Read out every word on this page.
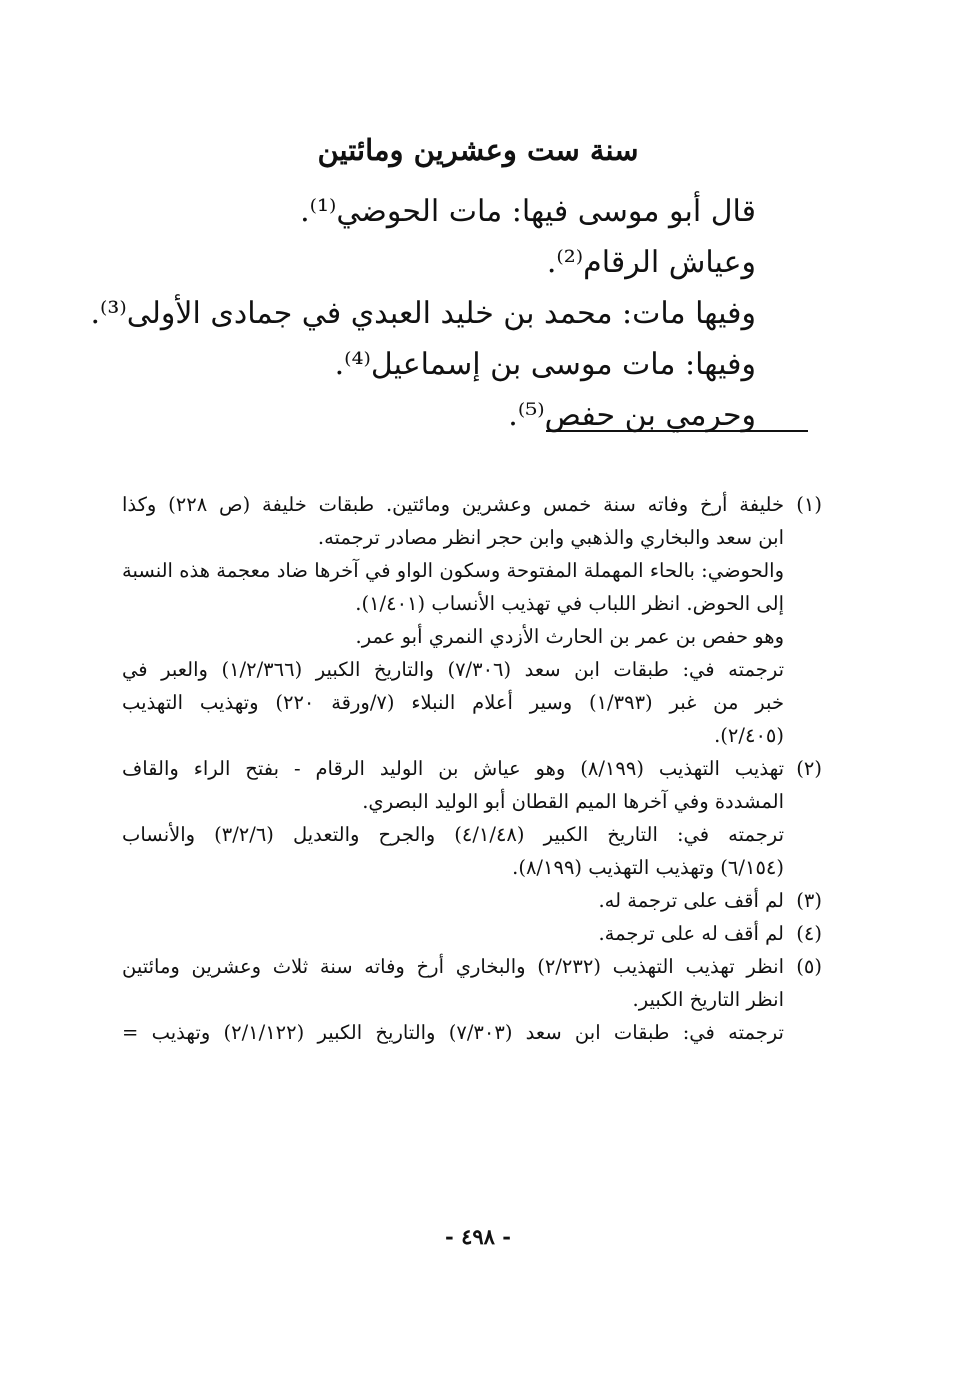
سنة ست وعشرين ومائتين
قال أبو موسى فيها: مات الحوضي⁽¹⁾.
وعياش الرقام⁽²⁾.
وفيها مات: محمد بن خليد العبدي في جمادى الأولى⁽³⁾.
وفيها: مات موسى بن إسماعيل⁽⁴⁾.
وحرمي بن حفص⁽⁵⁾.
(١)خليفة أرخ وفاته سنة خمس وعشرين ومائتين. طبقات خليفة (ص ٢٢٨) وكذا
ابن سعد والبخاري والذهبي وابن حجر انظر مصادر ترجمته.
والحوضي: بالحاء المهملة المفتوحة وسكون الواو في آخرها ضاد معجمة هذه النسبة
إلى الحوض. انظر اللباب في تهذيب الأنساب (١/٤٠١).
وهو حفص بن عمر بن الحارث الأزدي النمري أبو عمر.
ترجمته في: طبقات ابن سعد (٧/٣٠٦) والتاريخ الكبير (١/٢/٣٦٦) والعبر في
خبر من غبر (١/٣٩٣) وسير أعلام النبلاء (٧/ورقة ٢٢٠) وتهذيب التهذيب
(٢/٤٠٥).
(٢)تهذيب التهذيب (٨/١٩٩) وهو عياش بن الوليد الرقام - بفتح الراء والقاف
المشددة وفي آخرها الميم القطان أبو الوليد البصري.
ترجمته في: التاريخ الكبير (٤/١/٤٨) والجرح والتعديل (٣/٢/٦) والأنساب
(٦/١٥٤) وتهذيب التهذيب (٨/١٩٩).
(٣)لم أقف على ترجمة له.
(٤)لم أقف له على ترجمة.
(٥)انظر تهذيب التهذيب (٢/٢٣٢) والبخاري أرخ وفاته سنة ثلاث وعشرين ومائتين
انظر التاريخ الكبير.
ترجمته في: طبقات ابن سعد (٧/٣٠٣) والتاريخ الكبير (٢/١/١٢٢) وتهذيب =
- ٤٩٨ -
